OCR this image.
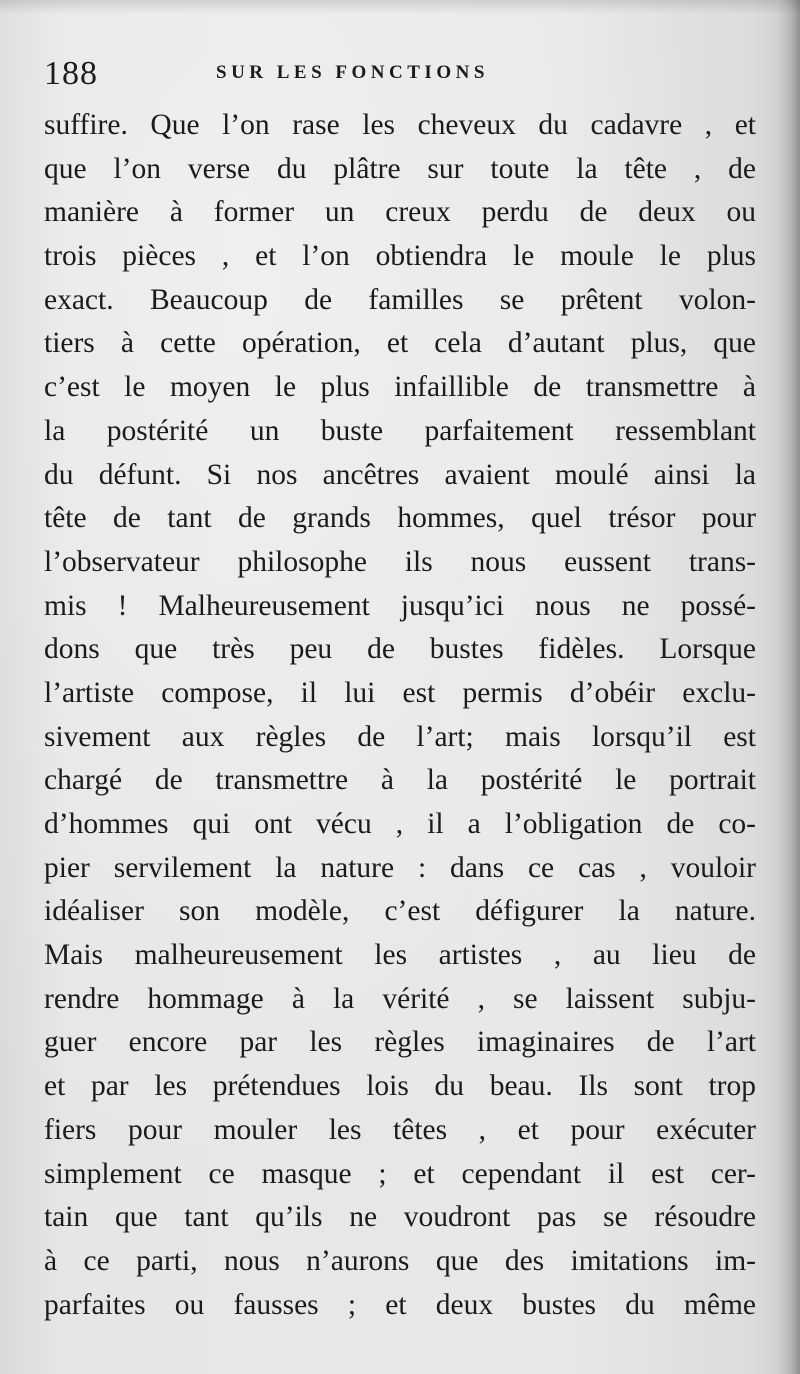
188	SUR LES FONCTIONS
suffire. Que l’on rase les cheveux du cadavre , et
que l’on verse du plâtre sur toute la tête , de
manière à former un creux perdu de deux ou
trois pièces , et l’on obtiendra le moule le plus
exact. Beaucoup de familles se prêtent volon-
tiers à cette opération, et cela d’autant plus, que
c’est le moyen le plus infaillible de transmettre à
la postérité un buste parfaitement ressemblant
du défunt. Si nos ancêtres avaient moulé ainsi la
tête de tant de grands hommes, quel trésor pour
l’observateur philosophe ils nous eussent trans-
mis ! Malheureusement jusqu’ici nous ne possé-
dons que très peu de bustes fidèles. Lorsque
l’artiste compose, il lui est permis d’obéir exclu-
sivement aux règles de l’art; mais lorsqu’il est
chargé de transmettre à la postérité le portrait
d’hommes qui ont vécu , il a l’obligation de co-
pier servilement la nature : dans ce cas , vouloir
idéaliser son modèle, c’est défigurer la nature.
Mais malheureusement les artistes , au lieu de
rendre hommage à la vérité , se laissent subju-
guer encore par les règles imaginaires de l’art
et par les prétendues lois du beau. Ils sont trop
fiers pour mouler les têtes , et pour exécuter
simplement ce masque ; et cependant il est cer-
tain que tant qu’ils ne voudront pas se résoudre
à ce parti, nous n’aurons que des imitations im-
parfaites ou fausses ; et deux bustes du même
